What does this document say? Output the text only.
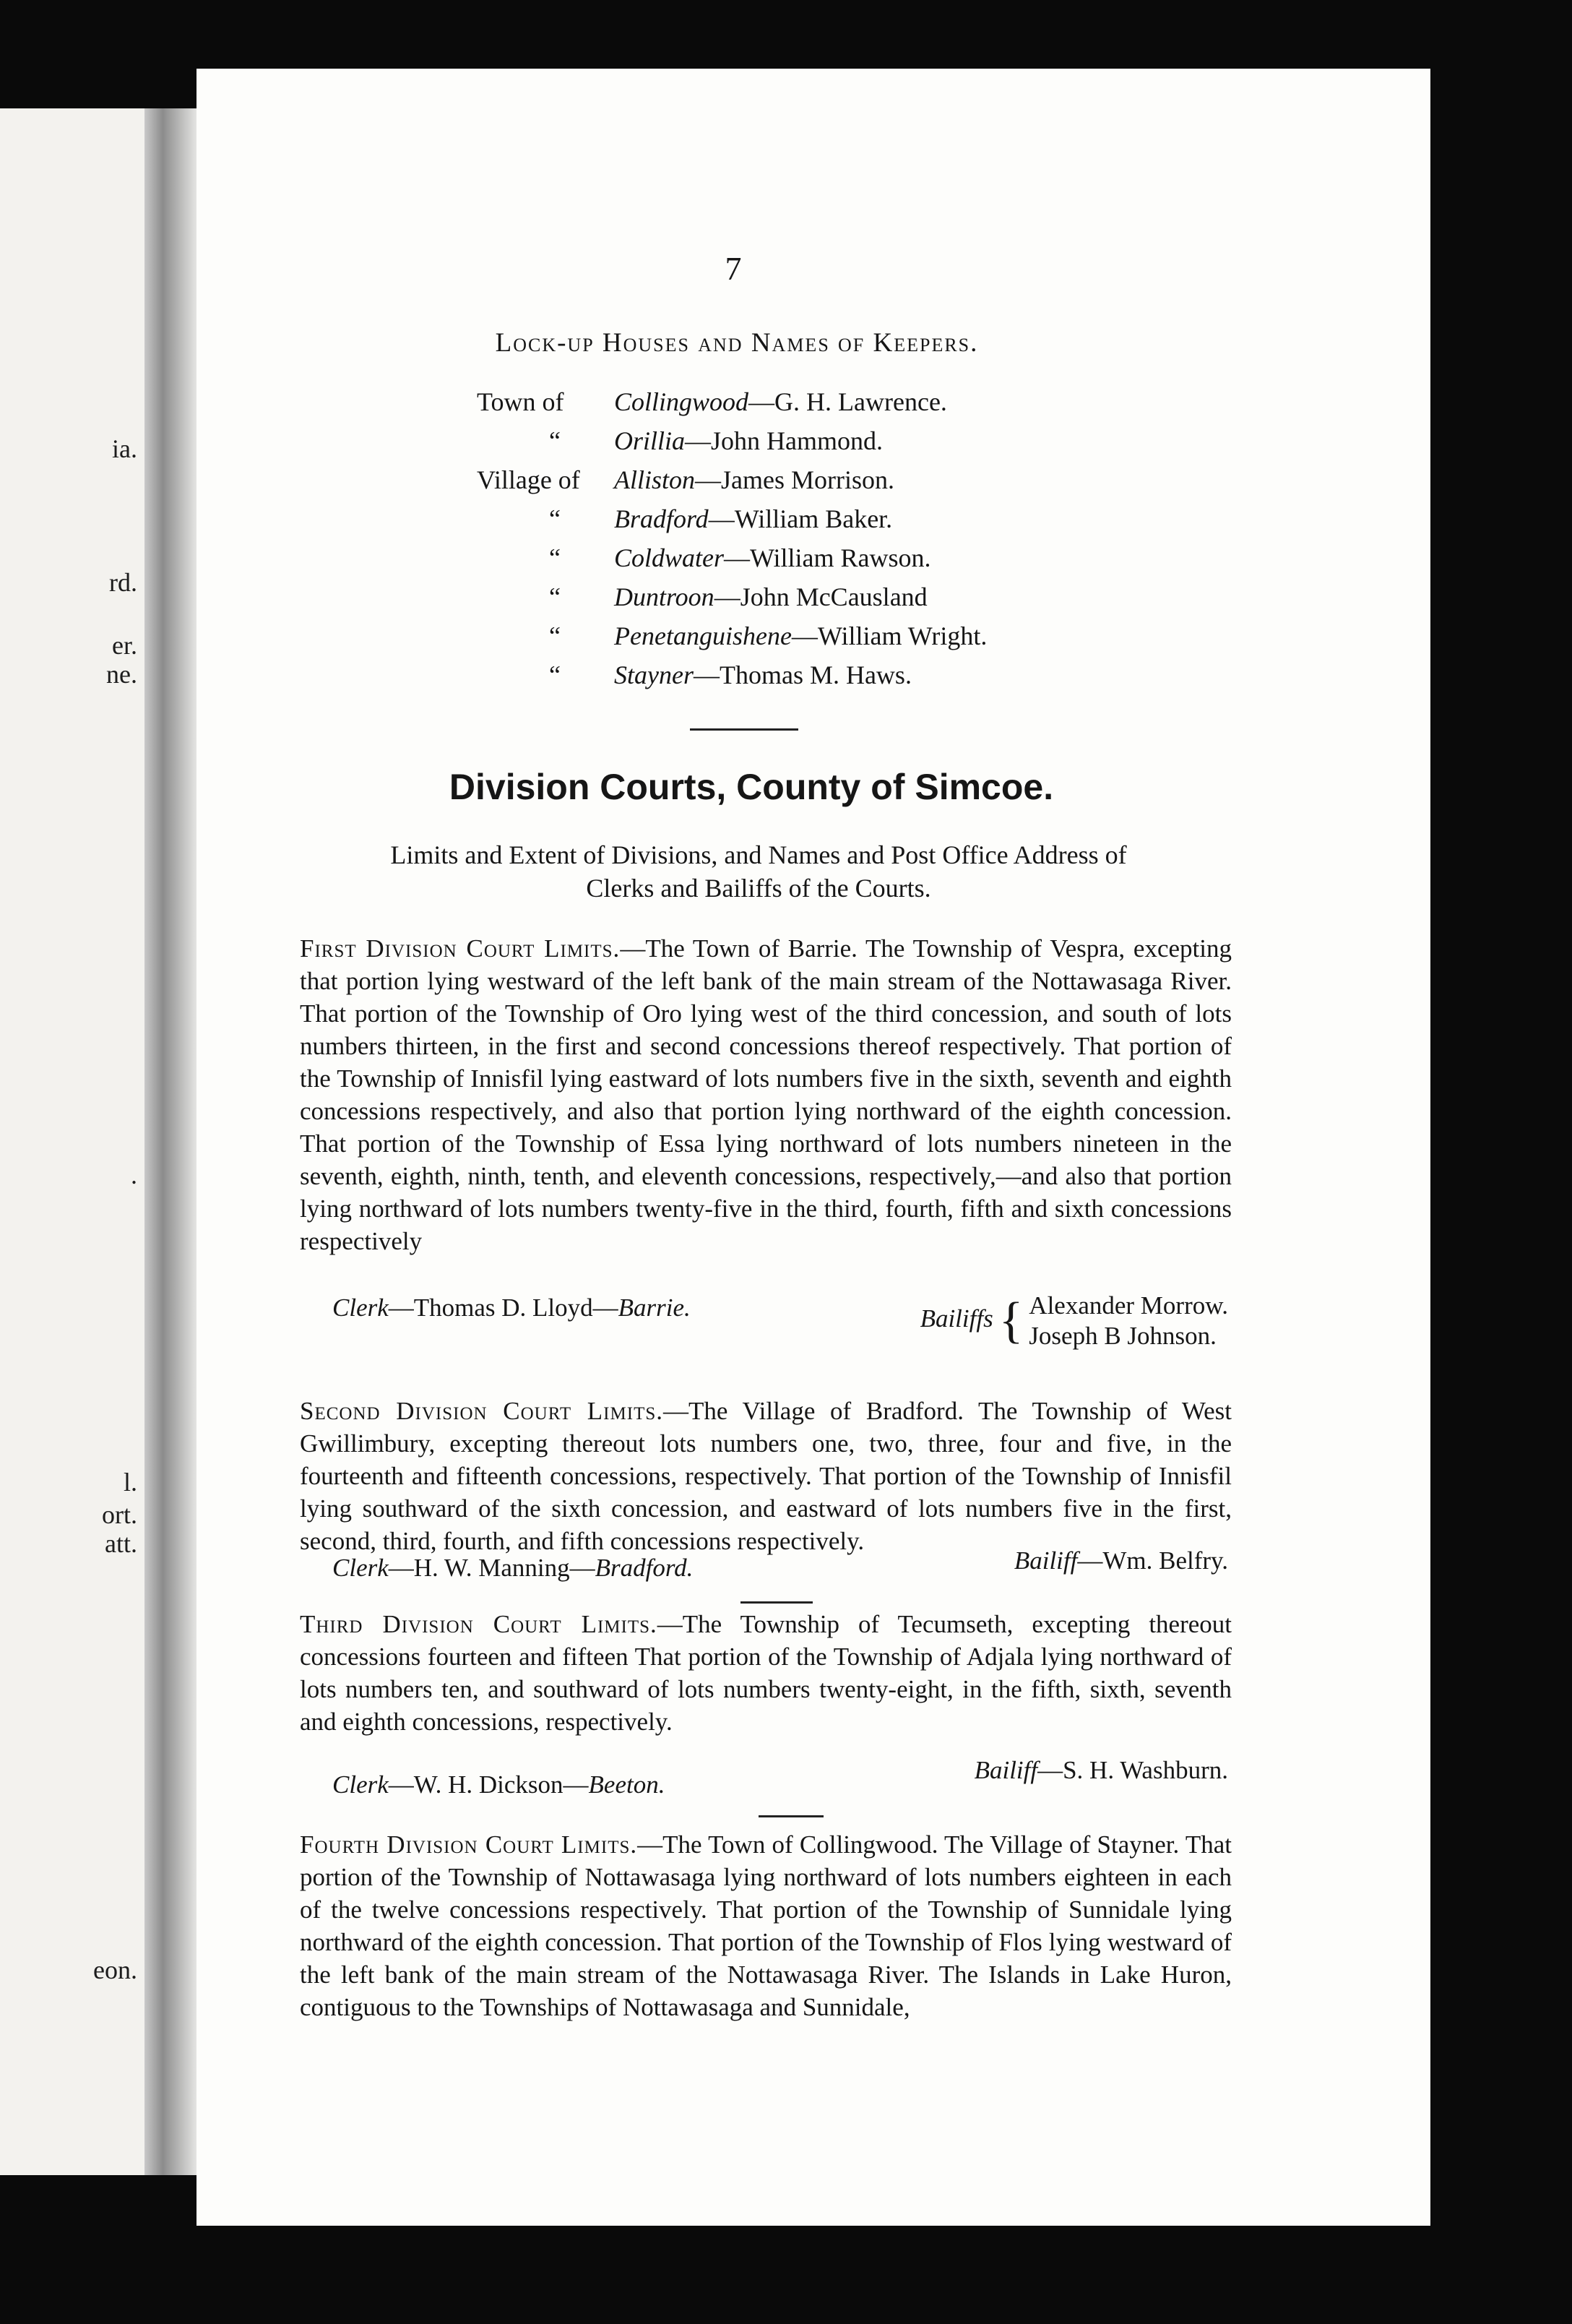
ia.
rd.
er.
ne.
.
l.
ort.
att.
eon.
7
Lock-up Houses and Names of Keepers.
Town of Collingwood—G. H. Lawrence.
“ Orillia—John Hammond.
Village of Alliston—James Morrison.
“ Bradford—William Baker.
“ Coldwater—William Rawson.
“ Duntroon—John McCausland
“ Penetanguishene—William Wright.
“ Stayner—Thomas M. Haws.
Division Courts, County of Simcoe.
Limits and Extent of Divisions, and Names and Post Office Address of
Clerks and Bailiffs of the Courts.
First Division Court Limits.—The Town of Barrie. The Township of Vespra, excepting that portion lying westward of the left bank of the main stream of the Nottawasaga River. That portion of the Township of Oro lying west of the third concession, and south of lots numbers thirteen, in the first and second concessions thereof respectively. That portion of the Township of Innisfil lying eastward of lots numbers five in the sixth, seventh and eighth concessions respectively, and also that portion lying northward of the eighth concession. That portion of the Township of Essa lying northward of lots numbers nineteen in the seventh, eighth, ninth, tenth, and eleventh concessions, respectively,—and also that portion lying northward of lots numbers twenty-five in the third, fourth, fifth and sixth concessions respectively
Clerk—Thomas D. Lloyd—Barrie.	Bailiffs { Alexander Morrow.
Joseph B Johnson.
Second Division Court Limits.—The Village of Bradford. The Township of West Gwillimbury, excepting thereout lots numbers one, two, three, four and five, in the fourteenth and fifteenth concessions, respectively. That portion of the Township of Innisfil lying southward of the sixth concession, and eastward of lots numbers five in the first, second, third, fourth, and fifth concessions respectively.
Clerk—H. W. Manning—Bradford.	Bailiff—Wm. Belfry.
Third Division Court Limits.—The Township of Tecumseth, excepting thereout concessions fourteen and fifteen That portion of the Township of Adjala lying northward of lots numbers ten, and southward of lots numbers twenty-eight, in the fifth, sixth, seventh and eighth concessions, respectively.
Clerk—W. H. Dickson—Beeton.
Bailiff—S. H. Washburn.
Fourth Division Court Limits.—The Town of Collingwood. The Village of Stayner. That portion of the Township of Nottawasaga lying northward of lots numbers eighteen in each of the twelve concessions respectively. That portion of the Township of Sunnidale lying northward of the eighth concession. That portion of the Township of Flos lying westward of the left bank of the main stream of the Nottawasaga River. The Islands in Lake Huron, contiguous to the Townships of Nottawasaga and Sunnidale,
